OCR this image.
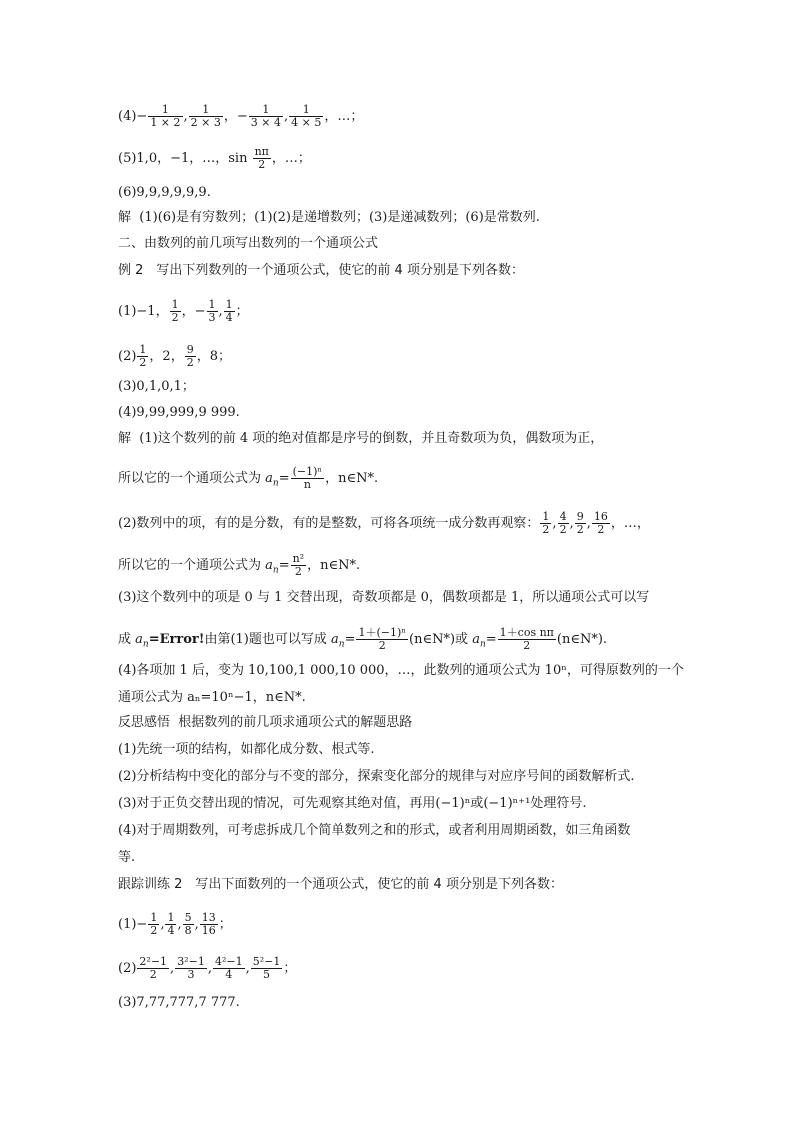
$(4)- \frac{1}{1 \times 2}$ , $\frac{1}{2 \times 3}$ ，− $\frac{1}{3 \times 4}$ , $\frac{1}{4 \times 5}$ ，…；
(5)1,0，−1，…，$\sin \frac{n\pi}{2}$ ，…；
(6)9,9,9,9,9,9.
解 (1)(6)是有穷数列；(1)(2)是递增数列；(3)是递减数列；(6)是常数列.
二、由数列的前几项写出数列的一个通项公式
例 2　写出下列数列的一个通项公式，使它的前 4 项分别是下列各数：
(1)−1， $\frac{1}{2}$ ，− $\frac{1}{3}$ , $\frac{1}{4}$ ；
$(2) \frac{1}{2}$ ，2， $\frac{9}{2}$ ，8；
(3)0,1,0,1；
(4)9,99,999,9 999.
解 (1)这个数列的前 4 项的绝对值都是序号的倒数，并且奇数项为负，偶数项为正，
所以它的一个通项公式为 $a_n= \frac{\text{(−1)ⁿ}}{n}$ ，n∈N*.
(2)数列中的项，有的是分数，有的是整数，可将各项统一成分数再观察： $\frac{1}{2}$ , $\frac{4}{2}$ , $\frac{9}{2}$ , $\frac{16}{2}$ ，…，
所以它的一个通项公式为 $a_n= \frac{\text{n²}}{2}$ ，n∈N*.
(3)这个数列中的项是 0 与 1 交替出现，奇数项都是 0，偶数项都是 1，所以通项公式可以写
成 $a_n=Error$!由第(1)题也可以写成 $a_n= \frac{\text{1＋(−1)ⁿ}}{2}$ (n∈N*)或 $a_n= \frac{\text{1＋cos nπ}}{2}$ (n∈N*).
(4)各项加 1 后，变为 10,100,1 000,10 000，…，此数列的通项公式为 10ⁿ，可得原数列的一个
通项公式为 aₙ=10ⁿ−1，n∈N*.
反思感悟 根据数列的前几项求通项公式的解题思路
(1)先统一项的结构，如都化成分数、根式等.
(2)分析结构中变化的部分与不变的部分，探索变化部分的规律与对应序号间的函数解析式.
(3)对于正负交替出现的情况，可先观察其绝对值，再用(−1)ⁿ或(−1)ⁿ⁺¹处理符号.
(4)对于周期数列，可考虑拆成几个简单数列之和的形式，或者利用周期函数，如三角函数
等.
跟踪训练 2　写出下面数列的一个通项公式，使它的前 4 项分别是下列各数：
$(1)- \frac{1}{2}$ , $\frac{1}{4}$ , $\frac{5}{8}$ , $\frac{13}{16}$ ；
$(2) \frac{\text{2²−1}}{2}$ , $\frac{\text{3²−1}}{3}$ , $\frac{\text{4²−1}}{4}$ , $\frac{\text{5²−1}}{5}$ ；
(3)7,77,777,7 777.
